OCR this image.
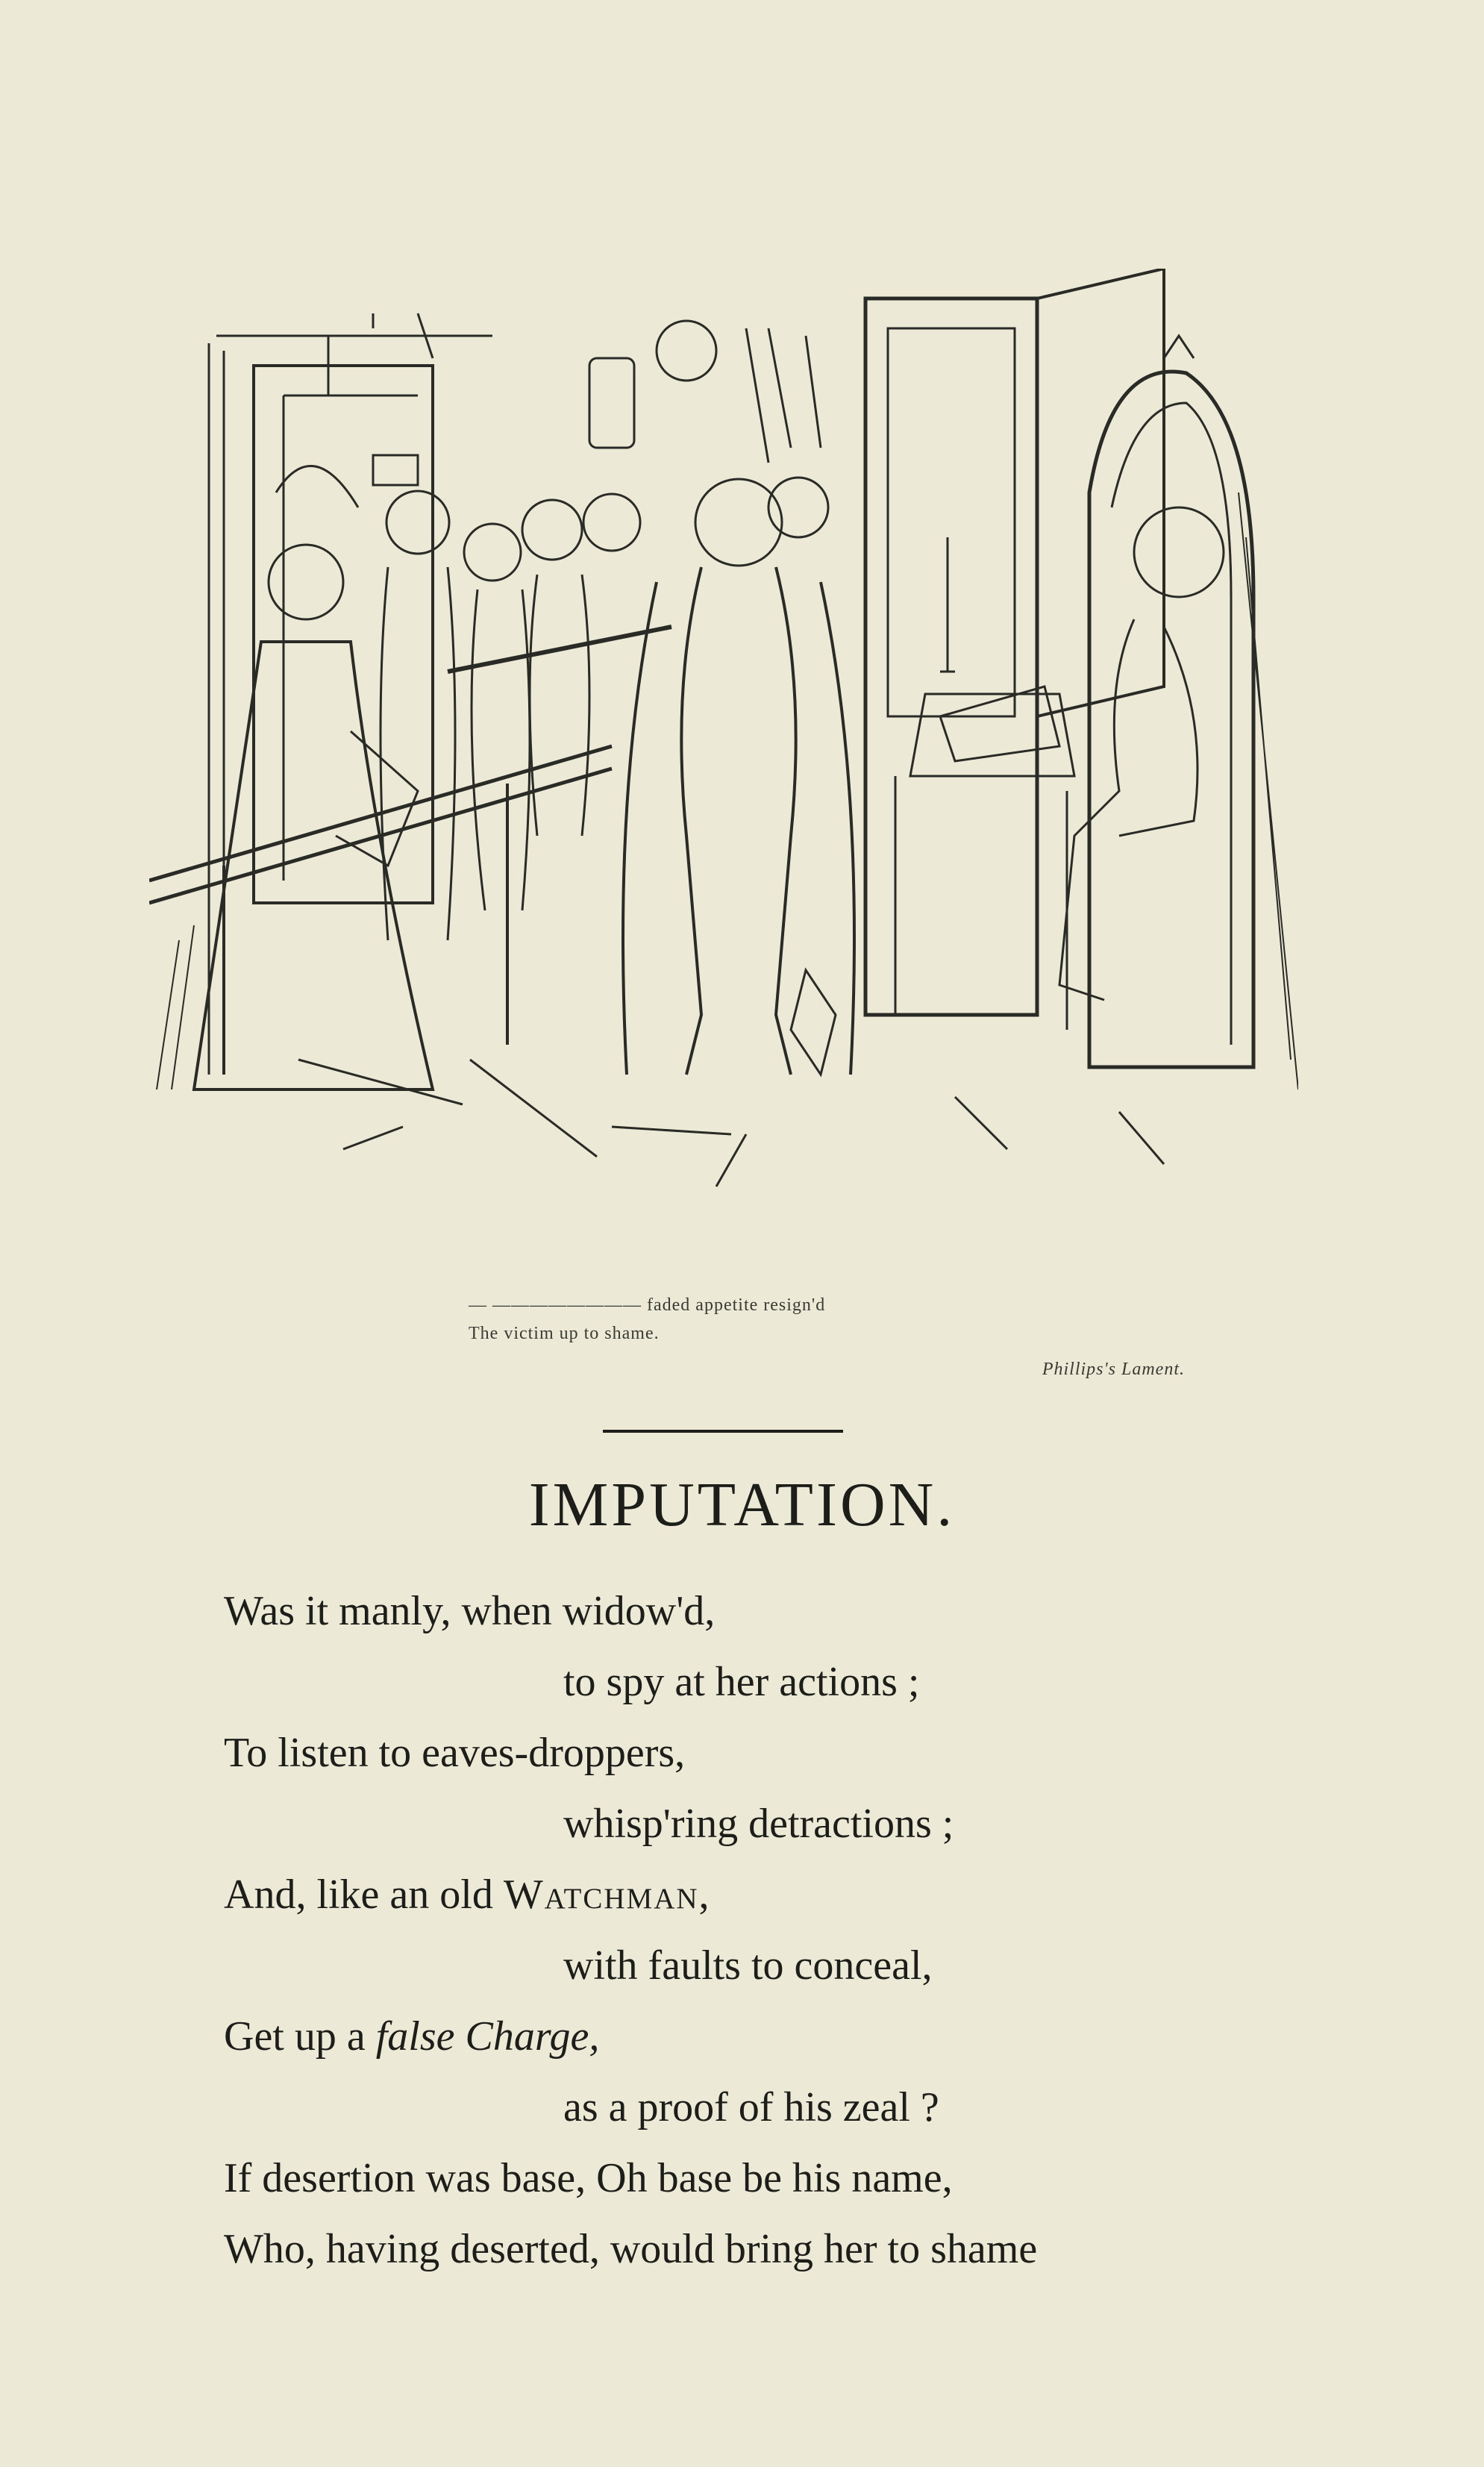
— ———————— faded appetite resign'd
The victim up to shame.
Phillips's Lament.
IMPUTATION.
Was it manly, when widow'd,
to spy at her actions ;
To listen to eaves-droppers,
whisp'ring detractions ;
And, like an old Watchman,
with faults to conceal,
Get up a false Charge,
as a proof of his zeal ?
If desertion was base, Oh base be his name,
Who, having deserted, would bring her to shame
